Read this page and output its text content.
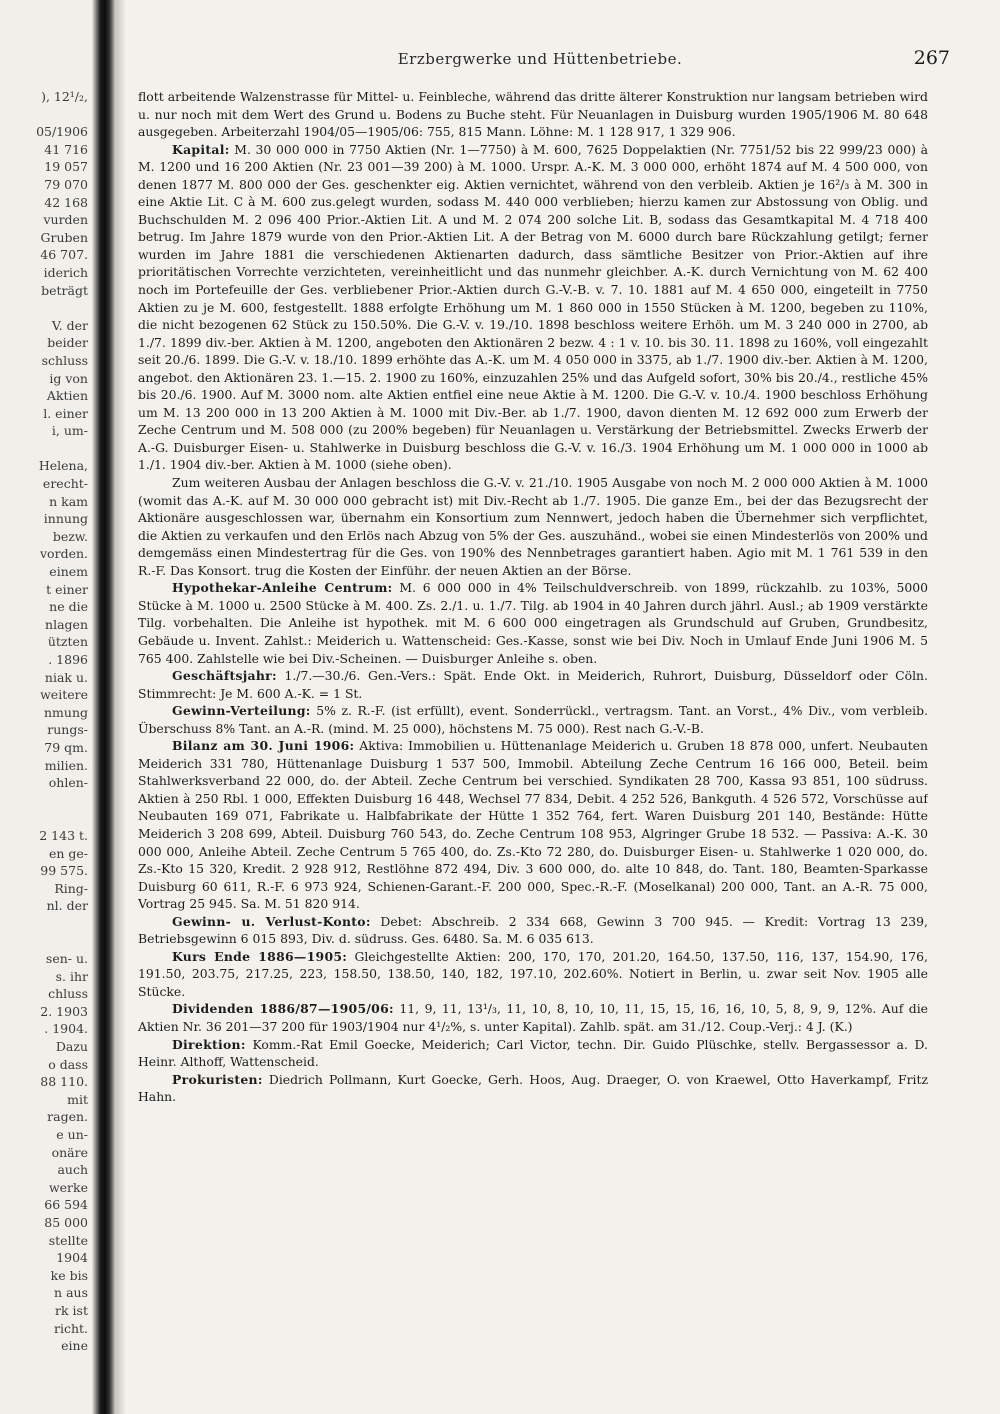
), 12¹/₂,
05/1906
41 716
19 057
79 070
42 168
vurden
Gruben
46 707.
iderich
beträgt
V. der
beider
schluss
ig von
Aktien
l. einer
i, um-
Helena,
erecht-
n kam
innung
bezw.
vorden.
einem
t einer
ne die
nlagen
ützten
. 1896
niak u.
weitere
nmung
rungs-
79 qm.
milien.
ohlen-
2 143 t.
en ge-
99 575.
Ring-
nl. der
sen- u.
s. ihr
chluss
2. 1903
. 1904.
Dazu
o dass
88 110.
mit
ragen.
e un-
onäre
auch
werke
66 594
85 000
stellte
1904
ke bis
n aus
rk ist
richt.
eine
Erzbergwerke und Hüttenbetriebe.	267

flott arbeitende Walzenstrasse für Mittel- u. Feinbleche, während das dritte älterer Konstruktion nur langsam betrieben wird u. nur noch mit dem Wert des Grund u. Bodens zu Buche steht. Für Neuanlagen in Duisburg wurden 1905/1906 M. 80 648 ausgegeben. Arbeiterzahl 1904/05—1905/06: 755, 815 Mann. Löhne: M. 1 128 917, 1 329 906.

Kapital: M. 30 000 000 in 7750 Aktien (Nr. 1—7750) à M. 600, 7625 Doppelaktien (Nr. 7751/52 bis 22 999/23 000) à M. 1200 und 16 200 Aktien (Nr. 23 001—39 200) à M. 1000. Urspr. A.-K. M. 3 000 000, erhöht 1874 auf M. 4 500 000, von denen 1877 M. 800 000 der Ges. geschenkter eig. Aktien vernichtet, während von den verbleib. Aktien je 16²/₃ à M. 300 in eine Aktie Lit. C à M. 600 zus.gelegt wurden, sodass M. 440 000 verblieben; hierzu kamen zur Abstossung von Oblig. und Buchschulden M. 2 096 400 Prior.-Aktien Lit. A und M. 2 074 200 solche Lit. B, sodass das Gesamtkapital M. 4 718 400 betrug. Im Jahre 1879 wurde von den Prior.-Aktien Lit. A der Betrag von M. 6000 durch bare Rückzahlung getilgt; ferner wurden im Jahre 1881 die verschiedenen Aktienarten dadurch, dass sämtliche Besitzer von Prior.-Aktien auf ihre prioritätischen Vorrechte verzichteten, vereinheitlicht und das nunmehr gleichber. A.-K. durch Vernichtung von M. 62 400 noch im Portefeuille der Ges. verbliebener Prior.-Aktien durch G.-V.-B. v. 7. 10. 1881 auf M. 4 650 000, eingeteilt in 7750 Aktien zu je M. 600, festgestellt. 1888 erfolgte Erhöhung um M. 1 860 000 in 1550 Stücken à M. 1200, begeben zu 110%, die nicht bezogenen 62 Stück zu 150.50%. Die G.-V. v. 19./10. 1898 beschloss weitere Erhöh. um M. 3 240 000 in 2700, ab 1./7. 1899 div.-ber. Aktien à M. 1200, angeboten den Aktionären 2 bezw. 4 : 1 v. 10. bis 30. 11. 1898 zu 160%, voll eingezahlt seit 20./6. 1899. Die G.-V. v. 18./10. 1899 erhöhte das A.-K. um M. 4 050 000 in 3375, ab 1./7. 1900 div.-ber. Aktien à M. 1200, angebot. den Aktionären 23. 1.—15. 2. 1900 zu 160%, einzuzahlen 25% und das Aufgeld sofort, 30% bis 20./4., restliche 45% bis 20./6. 1900. Auf M. 3000 nom. alte Aktien entfiel eine neue Aktie à M. 1200. Die G.-V. v. 10./4. 1900 beschloss Erhöhung um M. 13 200 000 in 13 200 Aktien à M. 1000 mit Div.-Ber. ab 1./7. 1900, davon dienten M. 12 692 000 zum Erwerb der Zeche Centrum und M. 508 000 (zu 200% begeben) für Neuanlagen u. Verstärkung der Betriebsmittel. Zwecks Erwerb der A.-G. Duisburger Eisen- u. Stahlwerke in Duisburg beschloss die G.-V. v. 16./3. 1904 Erhöhung um M. 1 000 000 in 1000 ab 1./1. 1904 div.-ber. Aktien à M. 1000 (siehe oben).

Zum weiteren Ausbau der Anlagen beschloss die G.-V. v. 21./10. 1905 Ausgabe von noch M. 2 000 000 Aktien à M. 1000 (womit das A.-K. auf M. 30 000 000 gebracht ist) mit Div.-Recht ab 1./7. 1905. Die ganze Em., bei der das Bezugsrecht der Aktionäre ausgeschlossen war, übernahm ein Konsortium zum Nennwert, jedoch haben die Übernehmer sich verpflichtet, die Aktien zu verkaufen und den Erlös nach Abzug von 5% der Ges. auszuhänd., wobei sie einen Mindesterlös von 200% und demgemäss einen Mindestertrag für die Ges. von 190% des Nennbetrages garantiert haben. Agio mit M. 1 761 539 in den R.-F. Das Konsort. trug die Kosten der Einführ. der neuen Aktien an der Börse.

Hypothekar-Anleihe Centrum: M. 6 000 000 in 4% Teilschuldverschreib. von 1899, rückzahlb. zu 103%, 5000 Stücke à M. 1000 u. 2500 Stücke à M. 400. Zs. 2./1. u. 1./7. Tilg. ab 1904 in 40 Jahren durch jährl. Ausl.; ab 1909 verstärkte Tilg. vorbehalten. Die Anleihe ist hypothek. mit M. 6 600 000 eingetragen als Grundschuld auf Gruben, Grundbesitz, Gebäude u. Invent. Zahlst.: Meiderich u. Wattenscheid: Ges.-Kasse, sonst wie bei Div. Noch in Umlauf Ende Juni 1906 M. 5 765 400. Zahlstelle wie bei Div.-Scheinen. — Duisburger Anleihe s. oben.

Geschäftsjahr: 1./7.—30./6. Gen.-Vers.: Spät. Ende Okt. in Meiderich, Ruhrort, Duisburg, Düsseldorf oder Cöln. Stimmrecht: Je M. 600 A.-K. = 1 St.

Gewinn-Verteilung: 5% z. R.-F. (ist erfüllt), event. Sonderrückl., vertragsm. Tant. an Vorst., 4% Div., vom verbleib. Überschuss 8% Tant. an A.-R. (mind. M. 25 000), höchstens M. 75 000). Rest nach G.-V.-B.

Bilanz am 30. Juni 1906: Aktiva: Immobilien u. Hüttenanlage Meiderich u. Gruben 18 878 000, unfert. Neubauten Meiderich 331 780, Hüttenanlage Duisburg 1 537 500, Immobil. Abteilung Zeche Centrum 16 166 000, Beteil. beim Stahlwerksverband 22 000, do. der Abteil. Zeche Centrum bei verschied. Syndikaten 28 700, Kassa 93 851, 100 südruss. Aktien à 250 Rbl. 1 000, Effekten Duisburg 16 448, Wechsel 77 834, Debit. 4 252 526, Bankguth. 4 526 572, Vorschüsse auf Neubauten 169 071, Fabrikate u. Halbfabrikate der Hütte 1 352 764, fert. Waren Duisburg 201 140, Bestände: Hütte Meiderich 3 208 699, Abteil. Duisburg 760 543, do. Zeche Centrum 108 953, Algringer Grube 18 532. — Passiva: A.-K. 30 000 000, Anleihe Abteil. Zeche Centrum 5 765 400, do. Zs.-Kto 72 280, do. Duisburger Eisen- u. Stahlwerke 1 020 000, do. Zs.-Kto 15 320, Kredit. 2 928 912, Restlöhne 872 494, Div. 3 600 000, do. alte 10 848, do. Tant. 180, Beamten-Sparkasse Duisburg 60 611, R.-F. 6 973 924, Schienen-Garant.-F. 200 000, Spec.-R.-F. (Moselkanal) 200 000, Tant. an A.-R. 75 000, Vortrag 25 945. Sa. M. 51 820 914.

Gewinn- u. Verlust-Konto: Debet: Abschreib. 2 334 668, Gewinn 3 700 945. — Kredit: Vortrag 13 239, Betriebsgewinn 6 015 893, Div. d. südruss. Ges. 6480. Sa. M. 6 035 613.

Kurs Ende 1886—1905: Gleichgestellte Aktien: 200, 170, 170, 201.20, 164.50, 137.50, 116, 137, 154.90, 176, 191.50, 203.75, 217.25, 223, 158.50, 138.50, 140, 182, 197.10, 202.60%. Notiert in Berlin, u. zwar seit Nov. 1905 alle Stücke.

Dividenden 1886/87—1905/06: 11, 9, 11, 13¹/₃, 11, 10, 8, 10, 10, 11, 15, 15, 16, 16, 10, 5, 8, 9, 9, 12%. Auf die Aktien Nr. 36 201—37 200 für 1903/1904 nur 4¹/₂%, s. unter Kapital). Zahlb. spät. am 31./12. Coup.-Verj.: 4 J. (K.)

Direktion: Komm.-Rat Emil Goecke, Meiderich; Carl Victor, techn. Dir. Guido Plüschke, stellv. Bergassessor a. D. Heinr. Althoff, Wattenscheid.

Prokuristen: Diedrich Pollmann, Kurt Goecke, Gerh. Hoos, Aug. Draeger, O. von Kraewel, Otto Haverkampf, Fritz Hahn.
